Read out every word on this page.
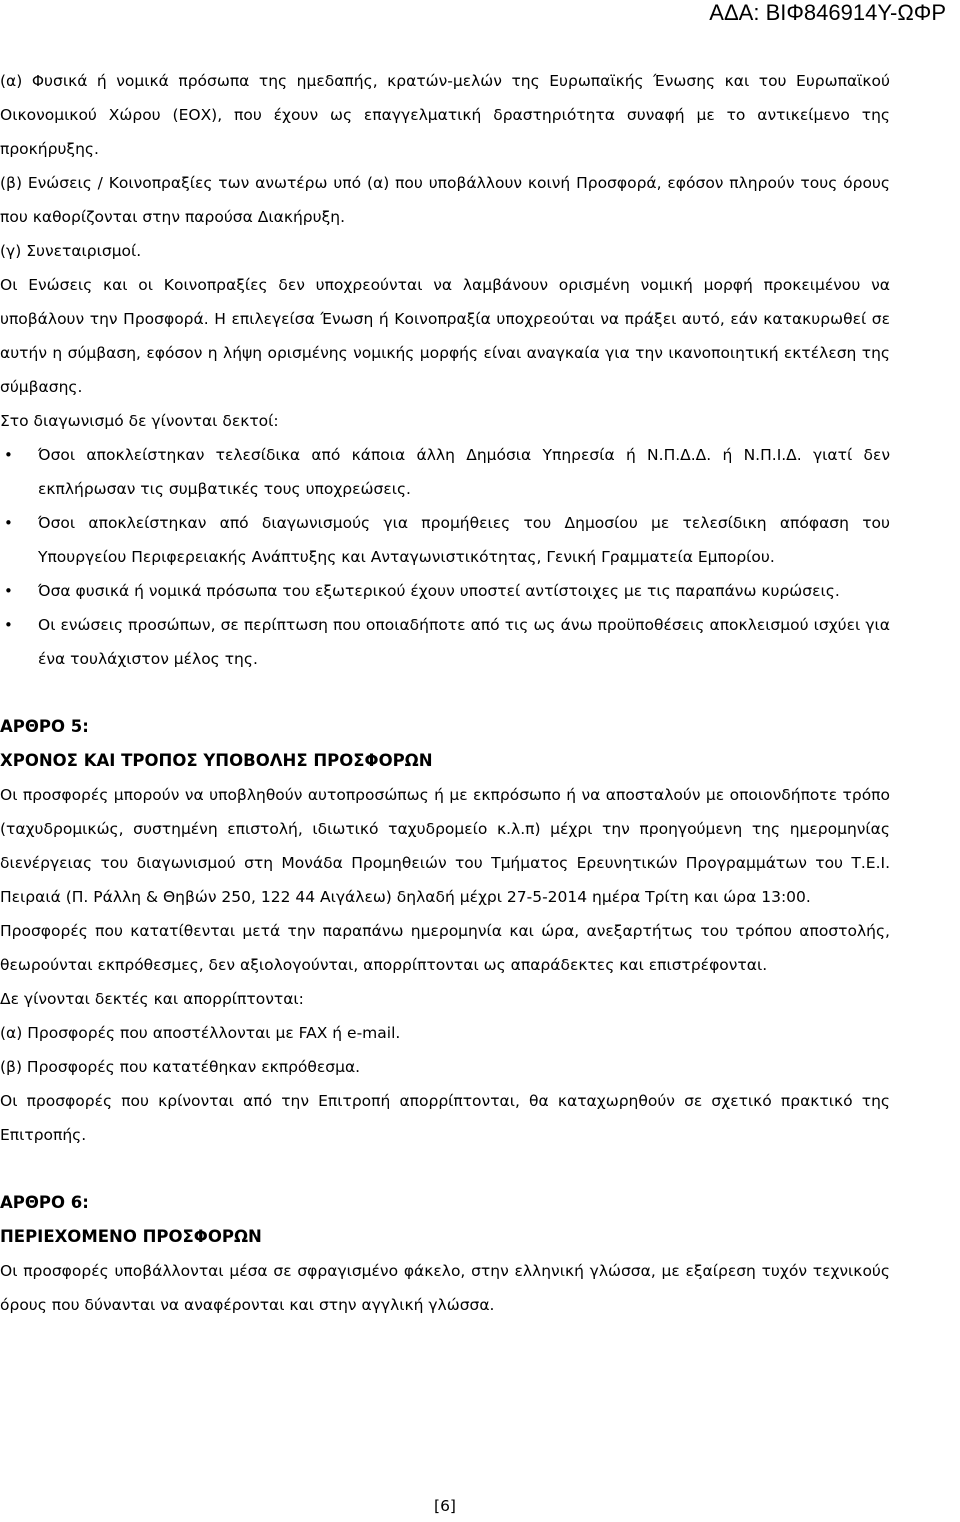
ΑΔΑ: ΒΙΦ846914Υ-ΩΦΡ

(α) Φυσικά ή νομικά πρόσωπα της ημεδαπής, κρατών-μελών της Ευρωπαϊκής Ένωσης και του Ευρωπαϊκού Οικονομικού Χώρου (ΕΟΧ), που έχουν ως επαγγελματική δραστηριότητα συναφή με το αντικείμενο της προκήρυξης.

(β) Ενώσεις / Κοινοπραξίες των ανωτέρω υπό (α) που υποβάλλουν κοινή Προσφορά, εφόσον πληρούν τους όρους που καθορίζονται στην παρούσα Διακήρυξη.

(γ) Συνεταιρισμοί.

Οι Ενώσεις και οι Κοινοπραξίες δεν υποχρεούνται να λαμβάνουν ορισμένη νομική μορφή προκειμένου να υποβάλουν την Προσφορά. Η επιλεγείσα Ένωση ή Κοινοπραξία υποχρεούται να πράξει αυτό, εάν κατακυρωθεί σε αυτήν η σύμβαση, εφόσον η λήψη ορισμένης νομικής μορφής είναι αναγκαία για την ικανοποιητική εκτέλεση της σύμβασης.

Στο διαγωνισμό δε γίνονται δεκτοί:

• Όσοι αποκλείστηκαν τελεσίδικα από κάποια άλλη Δημόσια Υπηρεσία ή Ν.Π.Δ.Δ. ή Ν.Π.Ι.Δ. γιατί δεν εκπλήρωσαν τις συμβατικές τους υποχρεώσεις.
• Όσοι αποκλείστηκαν από διαγωνισμούς για προμήθειες του Δημοσίου με τελεσίδικη απόφαση του Υπουργείου Περιφερειακής Ανάπτυξης και Ανταγωνιστικότητας, Γενική Γραμματεία Εμπορίου.
• Όσα φυσικά ή νομικά πρόσωπα του εξωτερικού έχουν υποστεί αντίστοιχες με τις παραπάνω κυρώσεις.
• Οι ενώσεις προσώπων, σε περίπτωση που οποιαδήποτε από τις ως άνω προϋποθέσεις αποκλεισμού ισχύει για ένα τουλάχιστον μέλος της.
ΑΡΘΡΟ 5:
ΧΡΟΝΟΣ ΚΑΙ ΤΡΟΠΟΣ ΥΠΟΒΟΛΗΣ ΠΡΟΣΦΟΡΩΝ

Οι προσφορές μπορούν να υποβληθούν αυτοπροσώπως ή με εκπρόσωπο ή να αποσταλούν με οποιονδήποτε τρόπο (ταχυδρομικώς, συστημένη επιστολή, ιδιωτικό ταχυδρομείο κ.λ.π) μέχρι την προηγούμενη της ημερομηνίας διενέργειας του διαγωνισμού στη Μονάδα Προμηθειών του Τμήματος Ερευνητικών Προγραμμάτων του Τ.Ε.Ι. Πειραιά (Π. Ράλλη & Θηβών 250, 122 44 Αιγάλεω) δηλαδή μέχρι 27-5-2014 ημέρα Τρίτη και ώρα 13:00.

Προσφορές που κατατίθενται μετά την παραπάνω ημερομηνία και ώρα, ανεξαρτήτως του τρόπου αποστολής, θεωρούνται εκπρόθεσμες, δεν αξιολογούνται, απορρίπτονται ως απαράδεκτες και επιστρέφονται.

Δε γίνονται δεκτές και απορρίπτονται:

(α) Προσφορές που αποστέλλονται με FAX ή e-mail.

(β) Προσφορές που κατατέθηκαν εκπρόθεσμα.

Οι προσφορές που κρίνονται από την Επιτροπή απορρίπτονται, θα καταχωρηθούν σε σχετικό πρακτικό της Επιτροπής.

ΑΡΘΡΟ 6:
ΠΕΡΙΕΧΟΜΕΝΟ ΠΡΟΣΦΟΡΩΝ

Οι προσφορές υποβάλλονται μέσα σε σφραγισμένο φάκελο, στην ελληνική γλώσσα, με εξαίρεση τυχόν τεχνικούς όρους που δύνανται να αναφέρονται και στην αγγλική γλώσσα.

[6]
